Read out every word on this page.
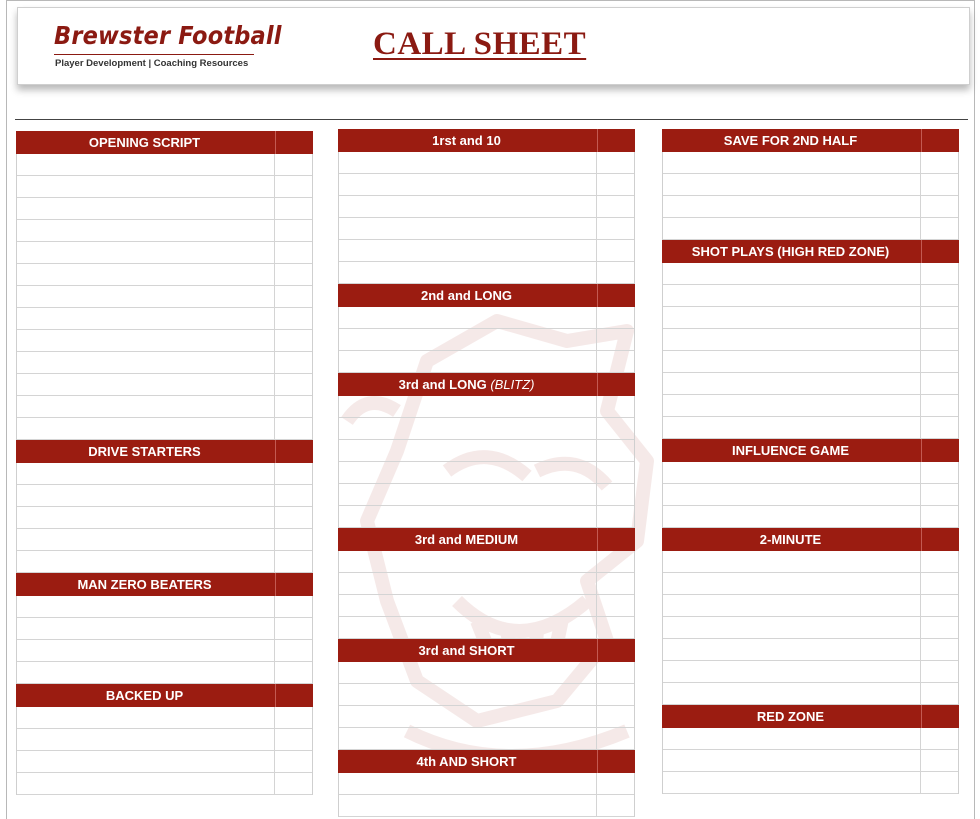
Brewster Football
Player Development | Coaching Resources
CALL SHEET
OPENING SCRIPT
DRIVE STARTERS
MAN ZERO BEATERS
BACKED UP
1rst and 10
2nd and LONG
3rd and LONG (BLITZ)
3rd and MEDIUM
3rd and SHORT
4th AND SHORT
SAVE FOR 2ND HALF
SHOT PLAYS (HIGH RED ZONE)
INFLUENCE GAME
2-MINUTE
RED ZONE
